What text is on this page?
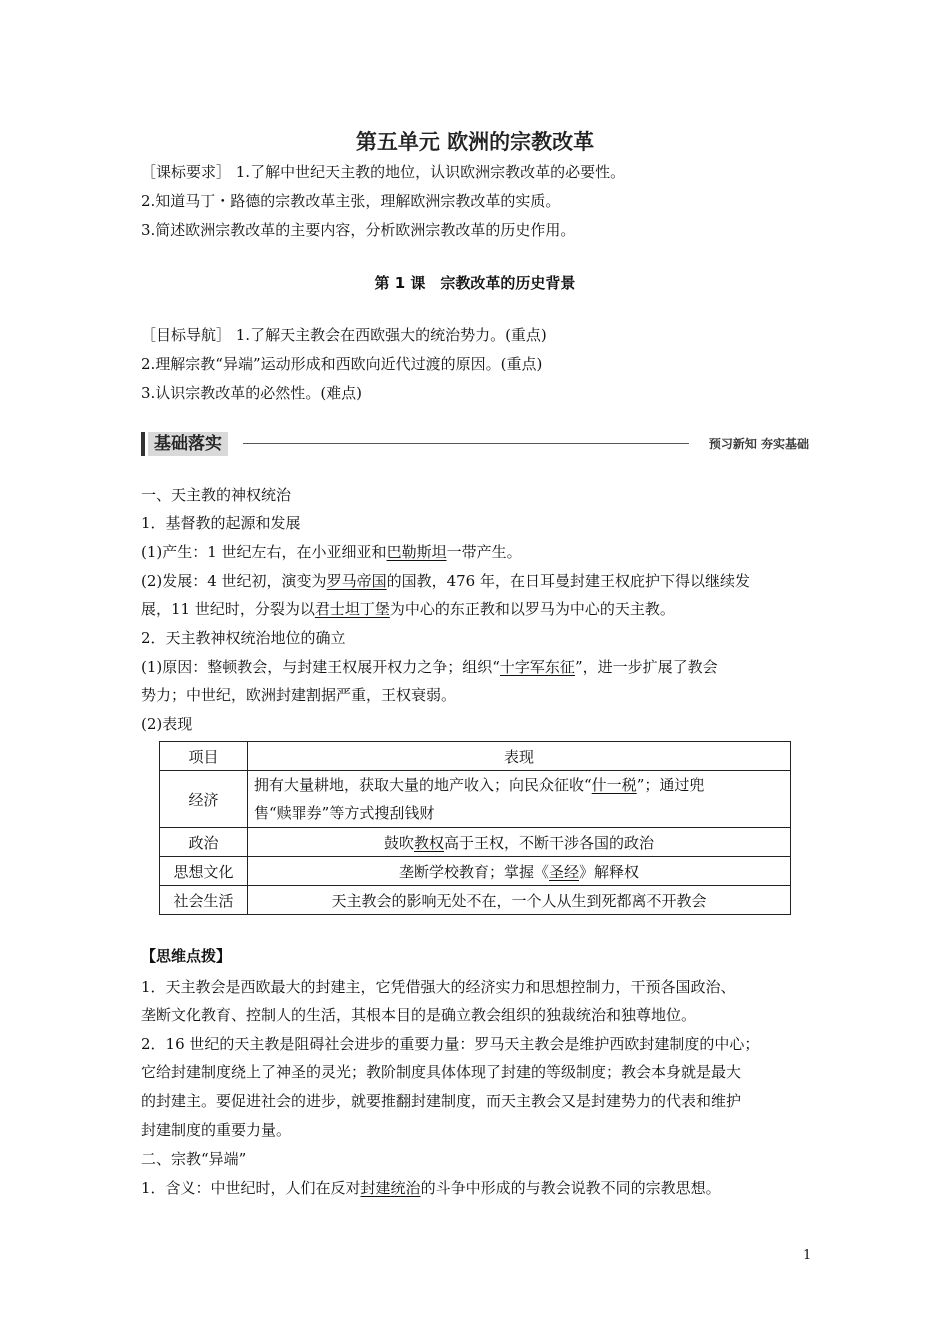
第五单元 欧洲的宗教改革
［课标要求］ 1.了解中世纪天主教的地位，认识欧洲宗教改革的必要性。
2.知道马丁・路德的宗教改革主张，理解欧洲宗教改革的实质。
3.简述欧洲宗教改革的主要内容，分析欧洲宗教改革的历史作用。
第 1 课　宗教改革的历史背景
［目标导航］ 1.了解天主教会在西欧强大的统治势力。(重点)
2.理解宗教“异端”运动形成和西欧向近代过渡的原因。(重点)
3.认识宗教改革的必然性。(难点)
基础落实	预习新知 夯实基础
一、天主教的神权统治
1．基督教的起源和发展
(1)产生：1 世纪左右，在小亚细亚和巴勒斯坦一带产生。
(2)发展：4 世纪初，演变为罗马帝国的国教，476 年，在日耳曼封建王权庇护下得以继续发
展，11 世纪时，分裂为以君士坦丁堡为中心的东正教和以罗马为中心的天主教。
2．天主教神权统治地位的确立
(1)原因：整顿教会，与封建王权展开权力之争；组织“十字军东征”，进一步扩展了教会
势力；中世纪，欧洲封建割据严重，王权衰弱。
(2)表现
项目	表现
经济	拥有大量耕地，获取大量的地产收入；向民众征收“什一税”；通过兜
售“赎罪券”等方式搜刮钱财
政治	鼓吹教权高于王权，不断干涉各国的政治
思想文化	垄断学校教育；掌握《圣经》解释权
社会生活	天主教会的影响无处不在，一个人从生到死都离不开教会
【思维点拨】
1．天主教会是西欧最大的封建主，它凭借强大的经济实力和思想控制力，干预各国政治、
垄断文化教育、控制人的生活，其根本目的是确立教会组织的独裁统治和独尊地位。
2．16 世纪的天主教是阻碍社会进步的重要力量：罗马天主教会是维护西欧封建制度的中心；
它给封建制度绕上了神圣的灵光；教阶制度具体体现了封建的等级制度；教会本身就是最大
的封建主。要促进社会的进步，就要推翻封建制度，而天主教会又是封建势力的代表和维护
封建制度的重要力量。
二、宗教“异端”
1．含义：中世纪时，人们在反对封建统治的斗争中形成的与教会说教不同的宗教思想。
1
